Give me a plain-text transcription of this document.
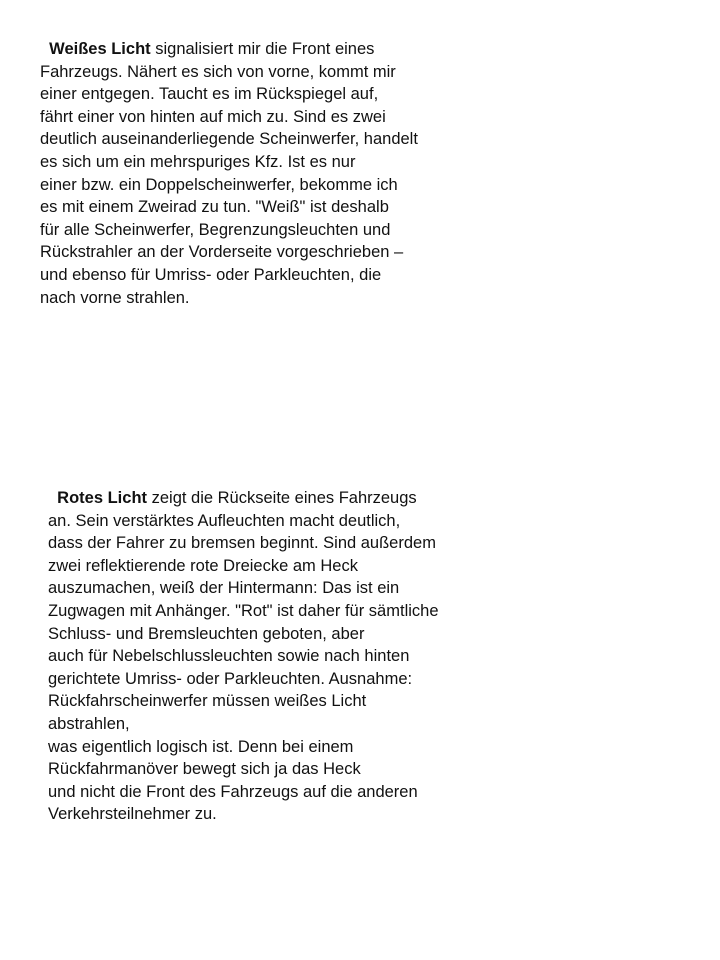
Weißes Licht signalisiert mir die Front eines
Fahrzeugs. Nähert es sich von vorne, kommt mir
einer entgegen. Taucht es im Rückspiegel auf,
fährt einer von hinten auf mich zu. Sind es zwei
deutlich auseinanderliegende Scheinwerfer, handelt
es sich um ein mehrspuriges Kfz. Ist es nur
einer bzw. ein Doppelscheinwerfer, bekomme ich
es mit einem Zweirad zu tun. "Weiß" ist deshalb
für alle Scheinwerfer, Begrenzungsleuchten und
Rückstrahler an der Vorderseite vorgeschrieben –
und ebenso für Umriss- oder Parkleuchten, die
nach vorne strahlen.
Rotes Licht zeigt die Rückseite eines Fahrzeugs
an. Sein verstärktes Aufleuchten macht deutlich,
dass der Fahrer zu bremsen beginnt. Sind außerdem
zwei reflektierende rote Dreiecke am Heck
auszumachen, weiß der Hintermann: Das ist ein
Zugwagen mit Anhänger. "Rot" ist daher für sämtliche
Schluss- und Bremsleuchten geboten, aber
auch für Nebelschlussleuchten sowie nach hinten
gerichtete Umriss- oder Parkleuchten. Ausnahme:
Rückfahrscheinwerfer müssen weißes Licht
abstrahlen,
was eigentlich logisch ist. Denn bei einem
Rückfahrmanöver bewegt sich ja das Heck
und nicht die Front des Fahrzeugs auf die anderen
Verkehrsteilnehmer zu.
